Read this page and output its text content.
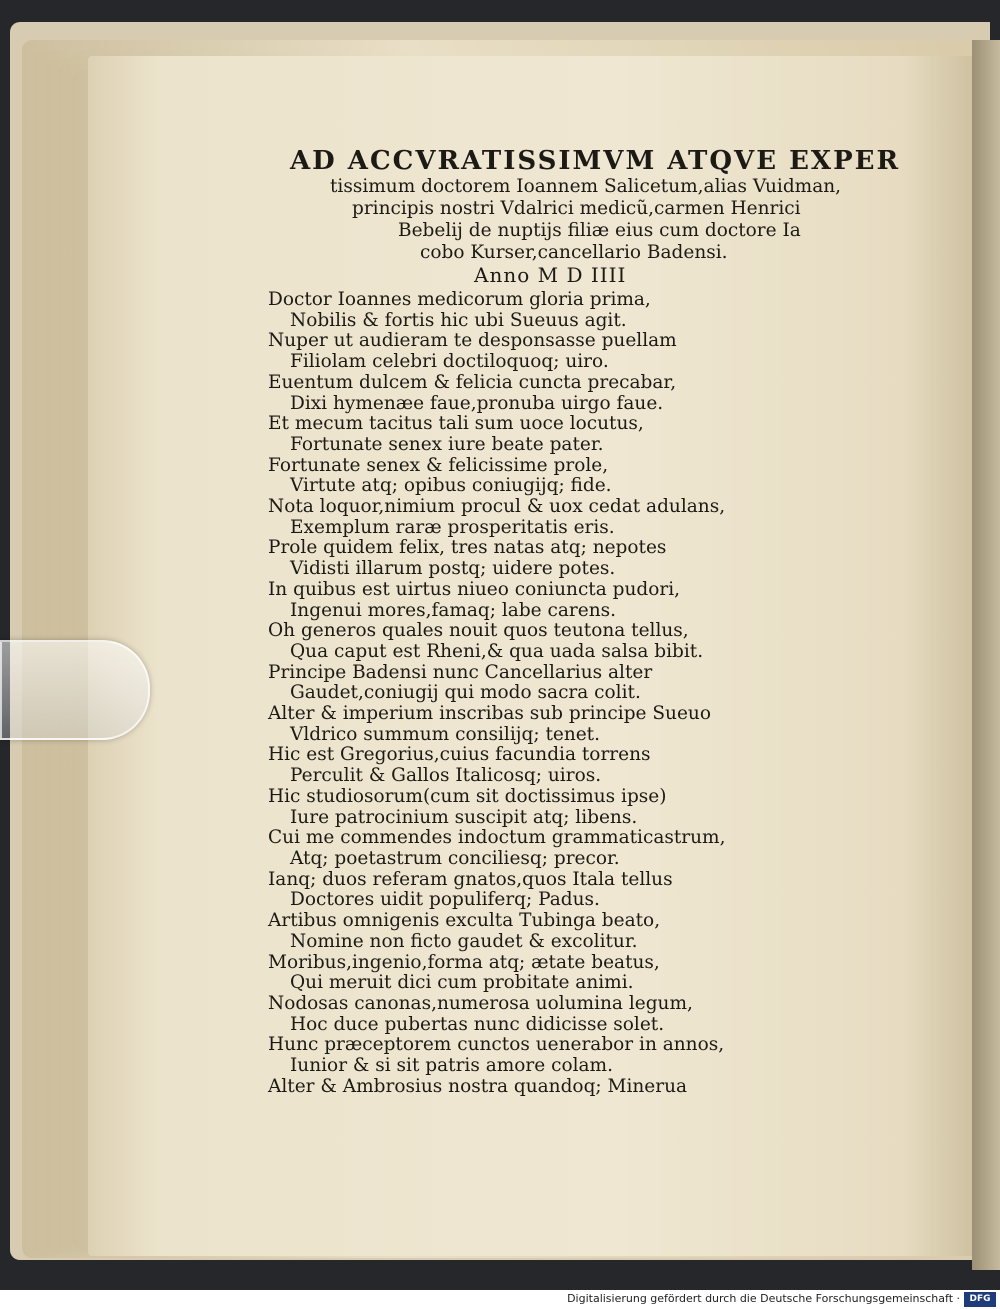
AD ACCVRATISSIMVM ATQVE EXPER
tissimum doctorem Ioannem Salicetum,alias Vuidman,
principis nostri Vdalrici medicũ,carmen Henrici
Bebelij de nuptijs filiæ eius cum doctore Ia
cobo Kurser,cancellario Badensi.
Anno M D IIII
Doctor Ioannes medicorum gloria prima,
Nobilis & fortis hic ubi Sueuus agit.
Nuper ut audieram te desponsasse puellam
Filiolam celebri doctiloquoq; uiro.
Euentum dulcem & felicia cuncta precabar,
Dixi hymenæe faue,pronuba uirgo faue.
Et mecum tacitus tali sum uoce locutus,
Fortunate senex iure beate pater.
Fortunate senex & felicissime prole,
Virtute atq; opibus coniugijq; fide.
Nota loquor,nimium procul & uox cedat adulans,
Exemplum raræ prosperitatis eris.
Prole quidem felix, tres natas atq; nepotes
Vidisti illarum postq; uidere potes.
In quibus est uirtus niueo coniuncta pudori,
Ingenui mores,famaq; labe carens.
Oh generos quales nouit quos teutona tellus,
Qua caput est Rheni,& qua uada salsa bibit.
Principe Badensi nunc Cancellarius alter
Gaudet,coniugij qui modo sacra colit.
Alter & imperium inscribas sub principe Sueuo
Vldrico summum consilijq; tenet.
Hic est Gregorius,cuius facundia torrens
Perculit & Gallos Italicosq; uiros.
Hic studiosorum(cum sit doctissimus ipse)
Iure patrocinium suscipit atq; libens.
Cui me commendes indoctum grammaticastrum,
Atq; poetastrum conciliesq; precor.
Ianq; duos referam gnatos,quos Itala tellus
Doctores uidit populiferq; Padus.
Artibus omnigenis exculta Tubinga beato,
Nomine non ficto gaudet & excolitur.
Moribus,ingenio,forma atq; ætate beatus,
Qui meruit dici cum probitate animi.
Nodosas canonas,numerosa uolumina legum,
Hoc duce pubertas nunc didicisse solet.
Hunc præceptorem cunctos uenerabor in annos,
Iunior & si sit patris amore colam.
Alter & Ambrosius nostra quandoq; Minerua
Digitalisierung gefördert durch die Deutsche Forschungsgemeinschaft ·	DFG
